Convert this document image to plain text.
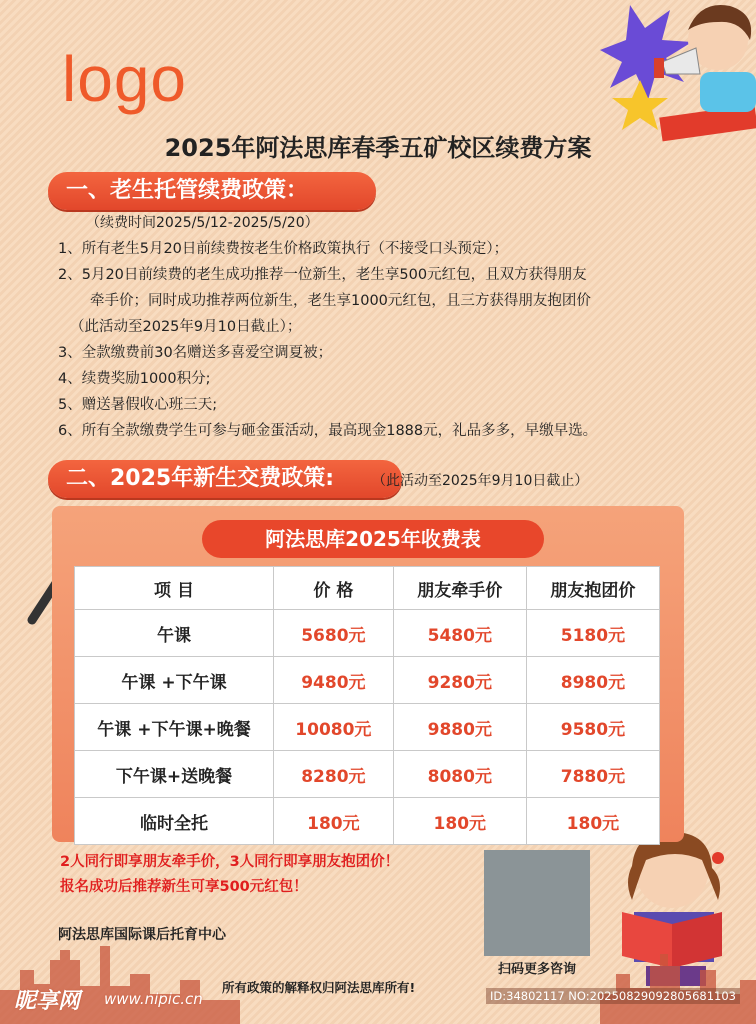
logo
2025年阿法思库春季五矿校区续费方案
一、老生托管续费政策：
（续费时间2025/5/12-2025/5/20）
1、所有老生5月20日前续费按老生价格政策执行（不接受口头预定）；
2、5月20日前续费的老生成功推荐一位新生，老生享500元红包，且双方获得朋友
牵手价；同时成功推荐两位新生，老生享1000元红包，且三方获得朋友抱团价
（此活动至2025年9月10日截止）；
3、全款缴费前30名赠送多喜爱空调夏被；
4、续费奖励1000积分;
5、赠送暑假收心班三天;
6、所有全款缴费学生可参与砸金蛋活动，最高现金1888元，礼品多多，早缴早选。
二、2025年新生交费政策:	（此活动至2025年9月10日截止）
阿法思库2025年收费表
项 目	价 格	朋友牵手价	朋友抱团价
午课	5680元	5480元	5180元
午课 +下午课	9480元	9280元	8980元
午课 +下午课+晚餐	10080元	9880元	9580元
下午课+送晚餐	8280元	8080元	7880元
临时全托	180元	180元	180元
2人同行即享朋友牵手价，3人同行即享朋友抱团价！
报名成功后推荐新生可享500元红包！
阿法思库国际课后托育中心
扫码更多咨询
所有政策的解释权归阿法思库所有!
昵享网 www.nipic.cn	ID:34802117 NO:20250829092805681103
